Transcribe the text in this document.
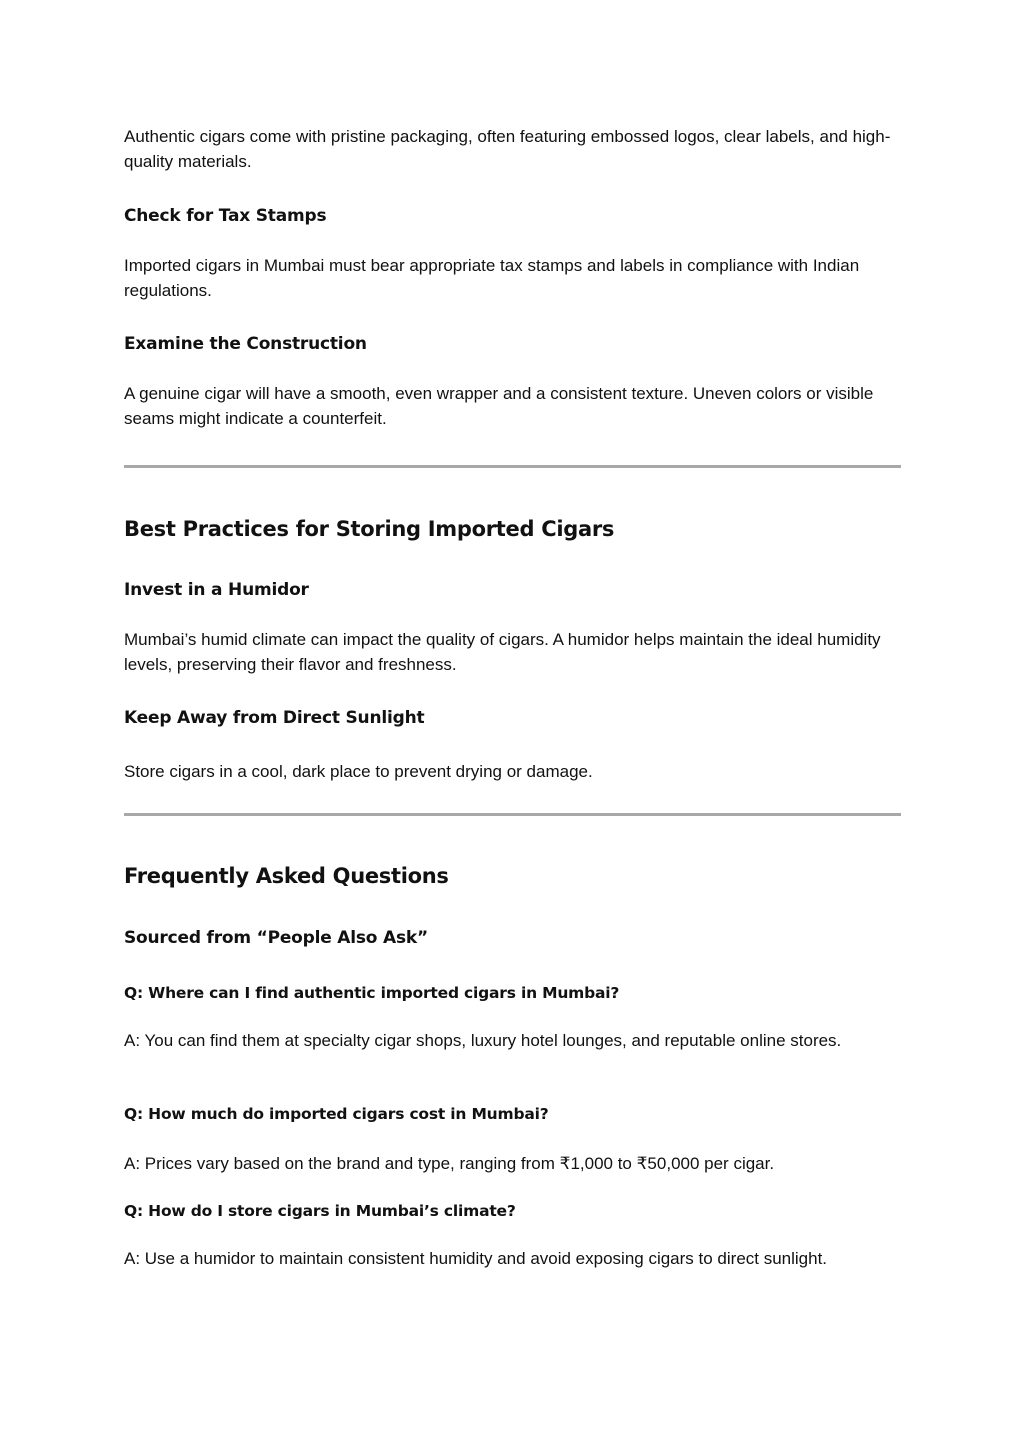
Authentic cigars come with pristine packaging, often featuring embossed logos, clear labels, and high-quality materials.

Check for Tax Stamps

Imported cigars in Mumbai must bear appropriate tax stamps and labels in compliance with Indian regulations.

Examine the Construction

A genuine cigar will have a smooth, even wrapper and a consistent texture. Uneven colors or visible seams might indicate a counterfeit.

Best Practices for Storing Imported Cigars
Invest in a Humidor

Mumbai’s humid climate can impact the quality of cigars. A humidor helps maintain the ideal humidity levels, preserving their flavor and freshness.

Keep Away from Direct Sunlight

Store cigars in a cool, dark place to prevent drying or damage.

Frequently Asked Questions
Sourced from “People Also Ask”
Q: Where can I find authentic imported cigars in Mumbai?

A: You can find them at specialty cigar shops, luxury hotel lounges, and reputable online stores.

Q: How much do imported cigars cost in Mumbai?

A: Prices vary based on the brand and type, ranging from ₹1,000 to ₹50,000 per cigar.

Q: How do I store cigars in Mumbai’s climate?

A: Use a humidor to maintain consistent humidity and avoid exposing cigars to direct sunlight.
